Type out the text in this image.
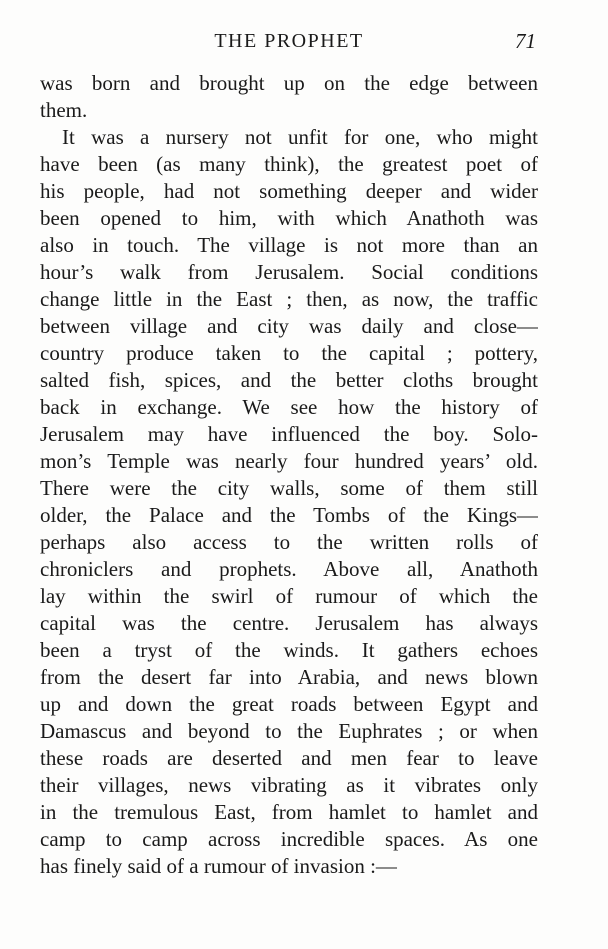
THE PROPHET	71
was born and brought up on the edge between
them.
It was a nursery not unfit for one, who might
have been (as many think), the greatest poet of
his people, had not something deeper and wider
been opened to him, with which Anathoth was
also in touch. The village is not more than an
hour’s walk from Jerusalem. Social conditions
change little in the East ; then, as now, the traffic
between village and city was daily and close—
country produce taken to the capital ; pottery,
salted fish, spices, and the better cloths brought
back in exchange. We see how the history of
Jerusalem may have influenced the boy. Solo-
mon’s Temple was nearly four hundred years’ old.
There were the city walls, some of them still
older, the Palace and the Tombs of the Kings—
perhaps also access to the written rolls of
chroniclers and prophets. Above all, Anathoth
lay within the swirl of rumour of which the
capital was the centre. Jerusalem has always
been a tryst of the winds. It gathers echoes
from the desert far into Arabia, and news blown
up and down the great roads between Egypt and
Damascus and beyond to the Euphrates ; or when
these roads are deserted and men fear to leave
their villages, news vibrating as it vibrates only
in the tremulous East, from hamlet to hamlet and
camp to camp across incredible spaces. As one
has finely said of a rumour of invasion :—
